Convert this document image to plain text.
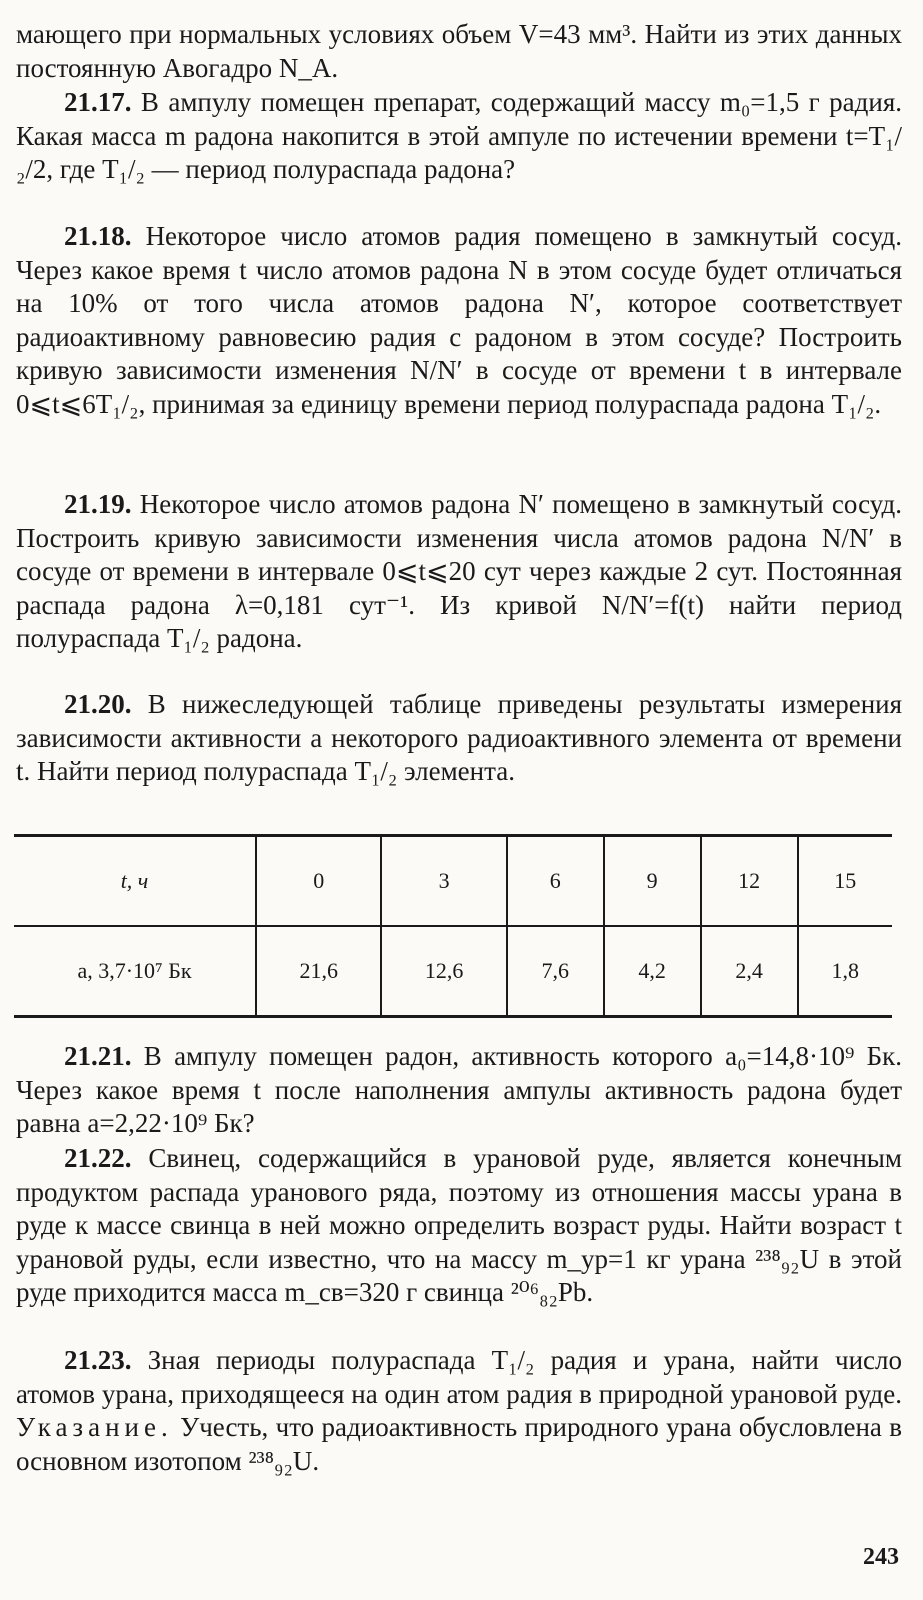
мающего при нормальных условиях объем V=43 мм³. Найти из этих данных постоянную Авогадро N_A.

21.17. В ампулу помещен препарат, содержащий массу m₀=1,5 г радия. Какая масса m радона накопится в этой ампуле по истечении времени t=T₁/₂/2, где T₁/₂ — период полураспада радона?

21.18. Некоторое число атомов радия помещено в замкнутый сосуд. Через какое время t число атомов радона N в этом сосуде будет отличаться на 10% от того числа атомов радона N′, которое соответствует радиоактивному равновесию радия с радоном в этом сосуде? Построить кривую зависимости изменения N/N′ в сосуде от времени t в интервале 0⩽t⩽6T₁/₂, принимая за единицу времени период полураспада радона T₁/₂.

21.19. Некоторое число атомов радона N′ помещено в замкнутый сосуд. Построить кривую зависимости изменения числа атомов радона N/N′ в сосуде от времени в интервале 0⩽t⩽20 сут через каждые 2 сут. Постоянная распада радона λ=0,181 сут⁻¹. Из кривой N/N′=f(t) найти период полураспада T₁/₂ радона.

21.20. В нижеследующей таблице приведены результаты измерения зависимости активности a некоторого радиоактивного элемента от времени t. Найти период полураспада T₁/₂ элемента.

t, ч	0	3	6	9	12	15
a, 3,7·10⁷ Бк	21,6	12,6	7,6	4,2	2,4	1,8

21.21. В ампулу помещен радон, активность которого a₀=14,8·10⁹ Бк. Через какое время t после наполнения ампулы активность радона будет равна a=2,22·10⁹ Бк?

21.22. Свинец, содержащийся в урановой руде, является конечным продуктом распада уранового ряда, поэтому из отношения массы урана в руде к массе свинца в ней можно определить возраст руды. Найти возраст t урановой руды, если известно, что на массу m_ур=1 кг урана ²³⁸₉₂U в этой руде приходится масса m_св=320 г свинца ²⁰⁶₈₂Pb.

21.23. Зная периоды полураспада T₁/₂ радия и урана, найти число атомов урана, приходящееся на один атом радия в природной урановой руде. Указание. Учесть, что радиоактивность природного урана обусловлена в основном изотопом ²³⁸₉₂U.

243
